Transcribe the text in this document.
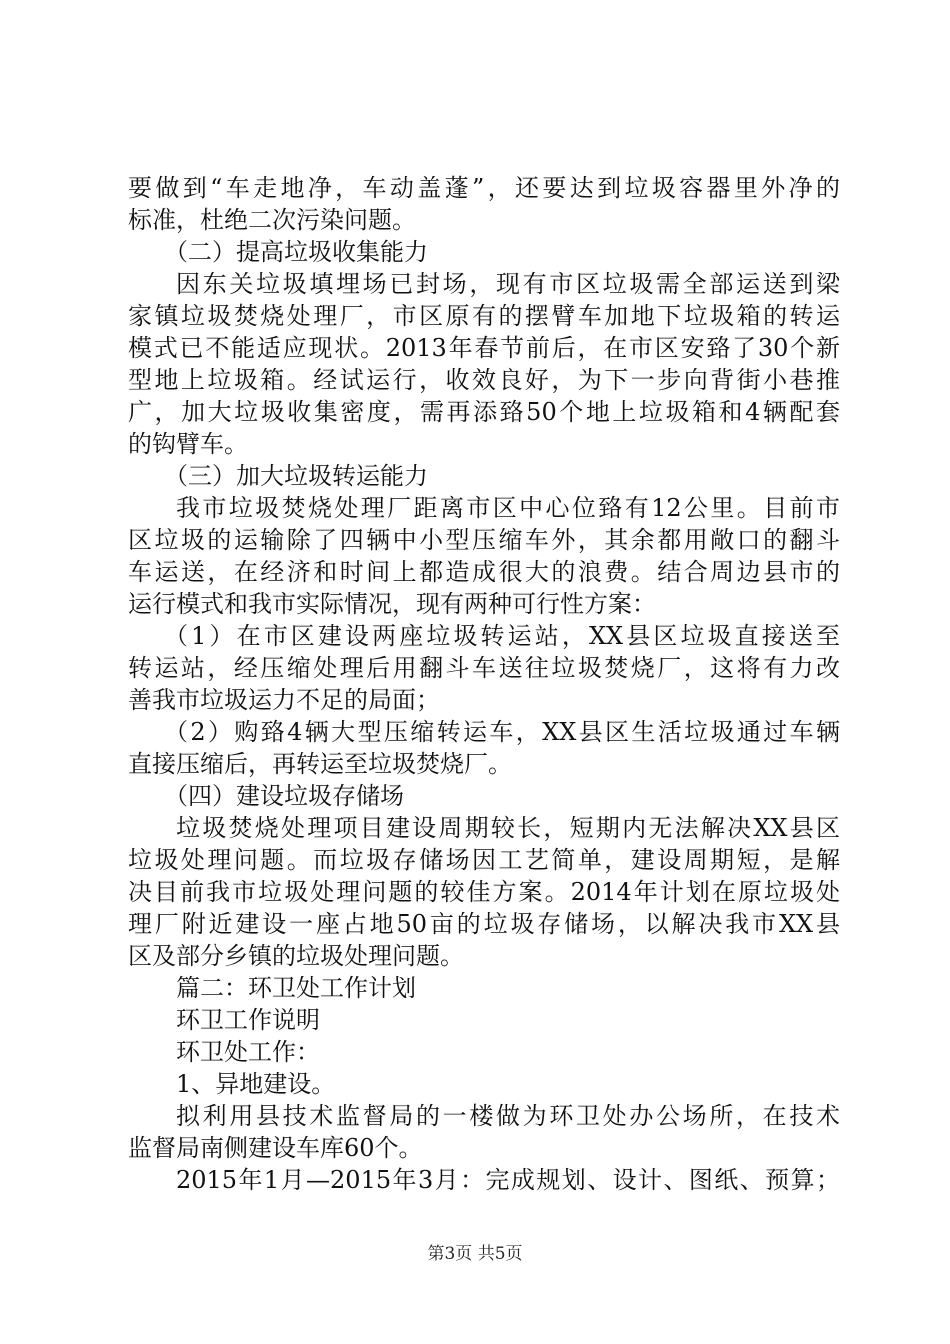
要做到“车走地净，车动盖蓬”，还要达到垃圾容器里外净的
标准，杜绝二次污染问题。
（二）提高垃圾收集能力
因东关垃圾填埋场已封场，现有市区垃圾需全部运送到梁
家镇垃圾焚烧处理厂，市区原有的摆臂车加地下垃圾箱的转运
模式已不能适应现状。2013年春节前后，在市区安臵了30个新
型地上垃圾箱。经试运行，收效良好，为下一步向背街小巷推
广，加大垃圾收集密度，需再添臵50个地上垃圾箱和4辆配套
的钩臂车。
（三）加大垃圾转运能力
我市垃圾焚烧处理厂距离市区中心位臵有12公里。目前市
区垃圾的运输除了四辆中小型压缩车外，其余都用敞口的翻斗
车运送，在经济和时间上都造成很大的浪费。结合周边县市的
运行模式和我市实际情况，现有两种可行性方案：
（1）在市区建设两座垃圾转运站，XX县区垃圾直接送至
转运站，经压缩处理后用翻斗车送往垃圾焚烧厂，这将有力改
善我市垃圾运力不足的局面；
（2）购臵4辆大型压缩转运车，XX县区生活垃圾通过车辆
直接压缩后，再转运至垃圾焚烧厂。
（四）建设垃圾存储场
垃圾焚烧处理项目建设周期较长，短期内无法解决XX县区
垃圾处理问题。而垃圾存储场因工艺简单，建设周期短，是解
决目前我市垃圾处理问题的较佳方案。2014年计划在原垃圾处
理厂附近建设一座占地50亩的垃圾存储场，以解决我市XX县
区及部分乡镇的垃圾处理问题。
篇二：环卫处工作计划
环卫工作说明
环卫处工作：
1、异地建设。
拟利用县技术监督局的一楼做为环卫处办公场所，在技术
监督局南侧建设车库60个。
2015年1月—2015年3月：完成规划、设计、图纸、预算；
第3页 共5页
